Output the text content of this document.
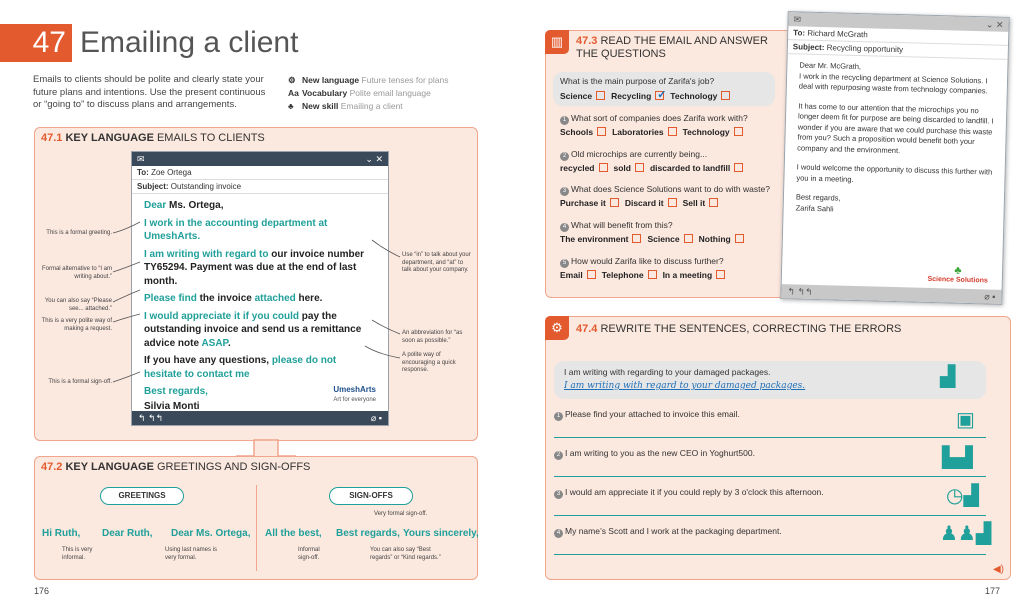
47 Emailing a client
Emails to clients should be polite and clearly state your future plans and intentions. Use the present continuous or “going to” to discuss plans and arrangements.
⚙ New language Future tenses for plans
Aa Vocabulary Polite email language
♣ New skill Emailing a client
47.1 KEY LANGUAGE EMAILS TO CLIENTS
✉	⌄ ✕
To: Zoe Ortega
Subject: Outstanding invoice

Dear Ms. Ortega,

I work in the accounting department at UmeshArts.

I am writing with regard to our invoice number TY65294. Payment was due at the end of last month.

Please find the invoice attached here.

I would appreciate it if you could pay the outstanding invoice and send us a remittance advice note ASAP.

If you have any questions, please do not hesitate to contact me

Best regards,

Silvia Monti

UmeshArts
Art for everyone
↰ ↰↰	⌀ ▪
This is a formal greeting.
Formal alternative to “I am writing about.”
You can also say “Please see... attached.”
This is a very polite way of making a request.
This is a formal sign-off.
Use “in” to talk about your department, and “at” to talk about your company.
An abbreviation for “as soon as possible.”
A polite way of encouraging a quick response.
47.2 KEY LANGUAGE GREETINGS AND SIGN-OFFS
GREETINGS	SIGN-OFFS
Hi Ruth, Dear Ruth, Dear Ms. Ortega, All the best, Best regards, Yours sincerely,
This is very informal.
Using last names is very formal.
Informal sign-off.
You can also say “Best regards” or “Kind regards.”
Very formal sign-off.
176
▥	47.3 READ THE EMAIL AND ANSWER THE QUESTIONS
What is the main purpose of Zarifa's job?
Science Recycling ✓ Technology
1 What sort of companies does Zarifa work with?
Schools Laboratories Technology
2 Old microchips are currently being...
recycled sold discarded to landfill
3 What does Science Solutions want to do with waste?
Purchase it Discard it Sell it
4 What will benefit from this?
The environment Science Nothing
5 How would Zarifa like to discuss further?
Email Telephone In a meeting
✉	⌄ ✕
To: Richard McGrath
Subject: Recycling opportunity

Dear Mr. McGrath,

I work in the recycling department at Science Solutions. I deal with repurposing waste from technology companies.

It has come to our attention that the microchips you no longer deem fit for purpose are being discarded to landfill. I wonder if you are aware that we could purchase this waste from you? Such a proposition would benefit both your company and the environment.

I would welcome the opportunity to discuss this further with you in a meeting.

Best regards,

Zarifa Sahli

♣
Science Solutions
↰ ↰↰	⌀ ▪
⚙	47.4 REWRITE THE SENTENCES, CORRECTING THE ERRORS
I am writing with regarding to your damaged packages.
I am writing with regard to your damaged packages.	▟
1 Please find your attached to invoice this email.	▣
2 I am writing to you as the new CEO in Yoghurt500.	▙▟
3 I would am appreciate it if you could reply by 3 o'clock this afternoon.	◷▟
4 My name’s Scott and I work at the packaging department.	♟♟▟
◀)
177
